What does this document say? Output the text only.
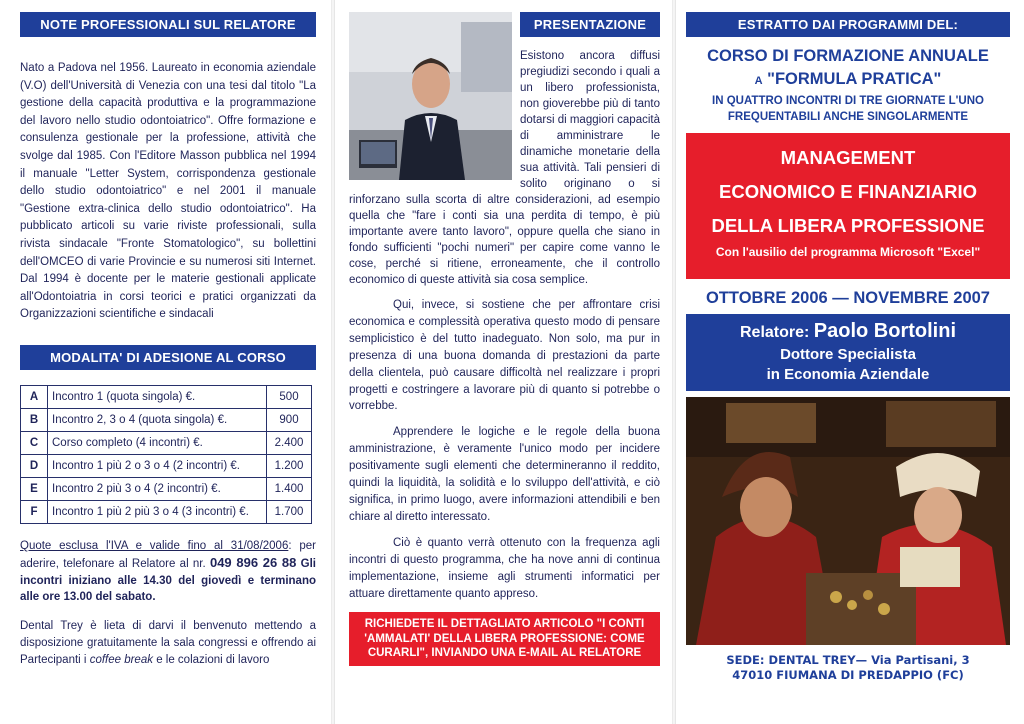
NOTE PROFESSIONALI SUL RELATORE

Nato a Padova nel 1956. Laureato in economia aziendale (V.O) dell'Università di Venezia con una tesi dal titolo "La gestione della capacità produttiva e la programmazione del lavoro nello studio odontoiatrico". Offre formazione e consulenza gestionale per la professione, attività che svolge dal 1985. Con l'Editore Masson pubblica nel 1994 il manuale "Letter System, corrispondenza gestionale dello studio odontoiatrico" e nel 2001 il manuale "Gestione extra-clinica dello studio odontoiatrico". Ha pubblicato articoli su varie riviste professionali, sulla rivista sindacale "Fronte Stomatologico", su bollettini dell'OMCEO di varie Provincie e su numerosi siti Internet. Dal 1994 è docente per le materie gestionali applicate all'Odontoiatria in corsi teorici e pratici organizzati da Organizzazioni scientifiche e sindacali

MODALITA' DI ADESIONE AL CORSO
A	Incontro 1 (quota singola) €.	500
B	Incontro 2, 3 o 4 (quota singola) €.	900
C	Corso completo (4 incontri) €.	2.400
D	Incontro 1 più 2 o 3 o 4 (2 incontri) €.	1.200
E	Incontro 2 più 3 o 4 (2 incontri) €.	1.400
F	Incontro 1 più 2 più 3 o 4 (3 incontri) €.	1.700

Quote esclusa l'IVA e valide fino al 31/08/2006: per aderire, telefonare al Relatore al nr. 049 896 26 88 Gli incontri iniziano alle 14.30 del giovedì e terminano alle ore 13.00 del sabato.

Dental Trey è lieta di darvi il benvenuto mettendo a disposizione gratuitamente la sala congressi e offrendo ai Partecipanti i coffee break e le colazioni di lavoro

PRESENTAZIONE

Esistono ancora diffusi pregiudizi secondo i quali a un libero professionista, non gioverebbe più di tanto dotarsi di maggiori capacità di amministrare le dinamiche monetarie della sua attività. Tali pensieri di solito originano o si rinforzano sulla scorta di altre considerazioni, ad esempio quella che "fare i conti sia una perdita di tempo, è più importante avere tanto lavoro", oppure quella che siano in fondo sufficienti "pochi numeri" per capire come vanno le cose, perché si ritiene, erroneamente, che il controllo economico di queste attività sia cosa semplice.

Qui, invece, si sostiene che per affrontare crisi economica e complessità operativa questo modo di pensare semplicistico è del tutto inadeguato. Non solo, ma pur in presenza di una buona domanda di prestazioni da parte della clientela, può causare difficoltà nel realizzare i propri progetti e costringere a lavorare più di quanto si potrebbe o vorrebbe.

Apprendere le logiche e le regole della buona amministrazione, è veramente l'unico modo per incidere positivamente sugli elementi che determineranno il reddito, quindi la liquidità, la solidità e lo sviluppo dell'attività, e ciò significa, in primo luogo, avere informazioni attendibili e ben chiare al diretto interessato.

Ciò è quanto verrà ottenuto con la frequenza agli incontri di questo programma, che ha nove anni di continua implementazione, insieme agli strumenti informatici per attuare direttamente quanto appreso.

RICHIEDETE IL DETTAGLIATO ARTICOLO "I CONTI 'AMMALATI' DELLA LIBERA PROFESSIONE: COME CURARLI", INVIANDO UNA E-MAIL AL RELATORE
ESTRATTO DAI PROGRAMMI DEL:
CORSO DI FORMAZIONE ANNUALE
A "FORMULA PRATICA"
IN QUATTRO INCONTRI DI TRE GIORNATE L'UNO FREQUENTABILI ANCHE SINGOLARMENTE
MANAGEMENT
ECONOMICO E FINANZIARIO
DELLA LIBERA PROFESSIONE
Con l'ausilio del programma Microsoft "Excel"
OTTOBRE 2006 — NOVEMBRE 2007
Relatore: Paolo Bortolini
Dottore Specialista
in Economia Aziendale
SEDE: DENTAL TREY— Via Partisani, 3
47010 FIUMANA DI PREDAPPIO (FC)
